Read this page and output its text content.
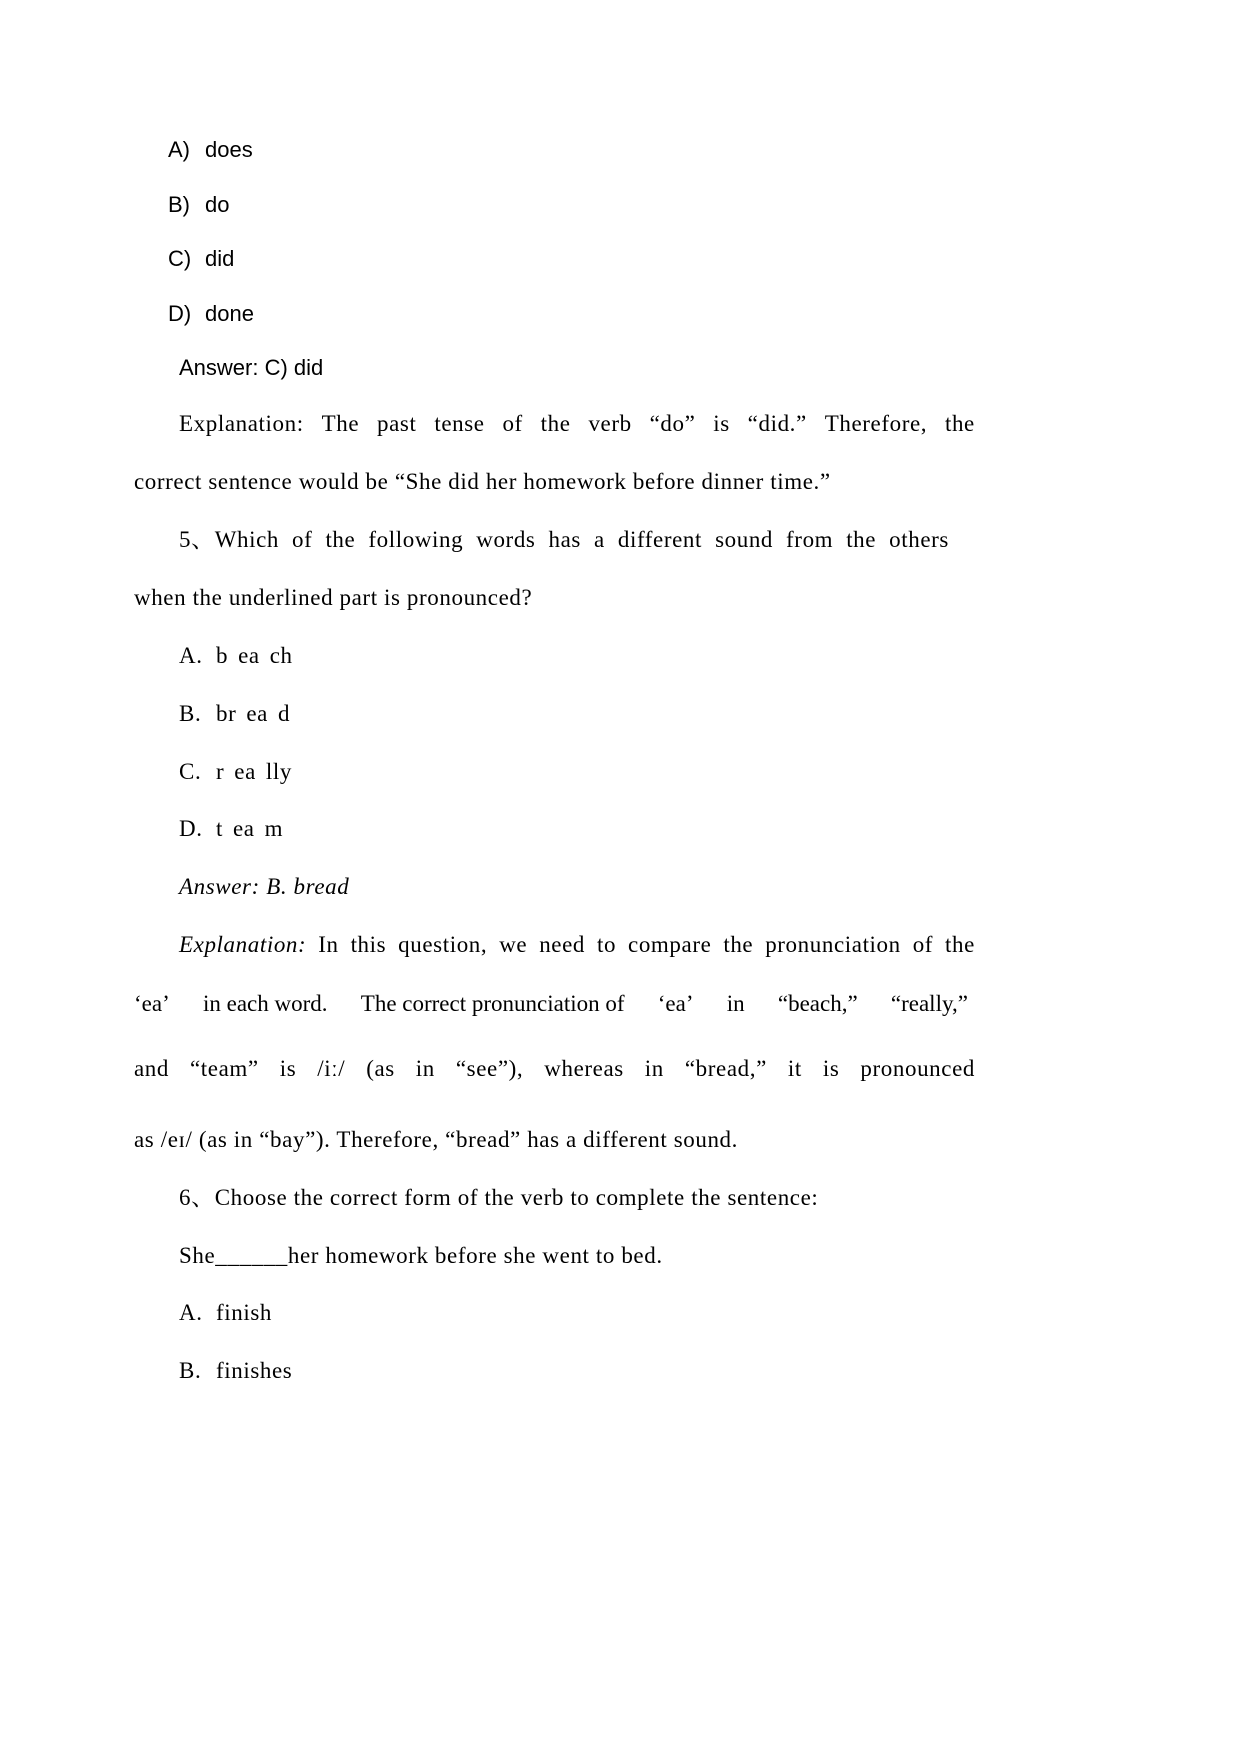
A) does
B) do
C) did
D) done
Answer: C) did
Explanation: The past tense of the verb “do” is “did.” Therefore, the
correct sentence would be “She did her homework before dinner time.”
5、Which of the following words has a different sound from the others
when the underlined part is pronounced?
A. b ea ch
B. br ea d
C. r ea lly
D. t ea m
Answer: B. bread
Explanation: In this question, we need to compare the pronunciation of the
‘ea’ in each word. The correct pronunciation of ‘ea’ in “beach,” “really,”
and “team” is /iː/ (as in “see”), whereas in “bread,” it is pronounced
as /eɪ/ (as in “bay”). Therefore, “bread” has a different sound.
6、Choose the correct form of the verb to complete the sentence:
She______her homework before she went to bed.
A. finish
B. finishes
